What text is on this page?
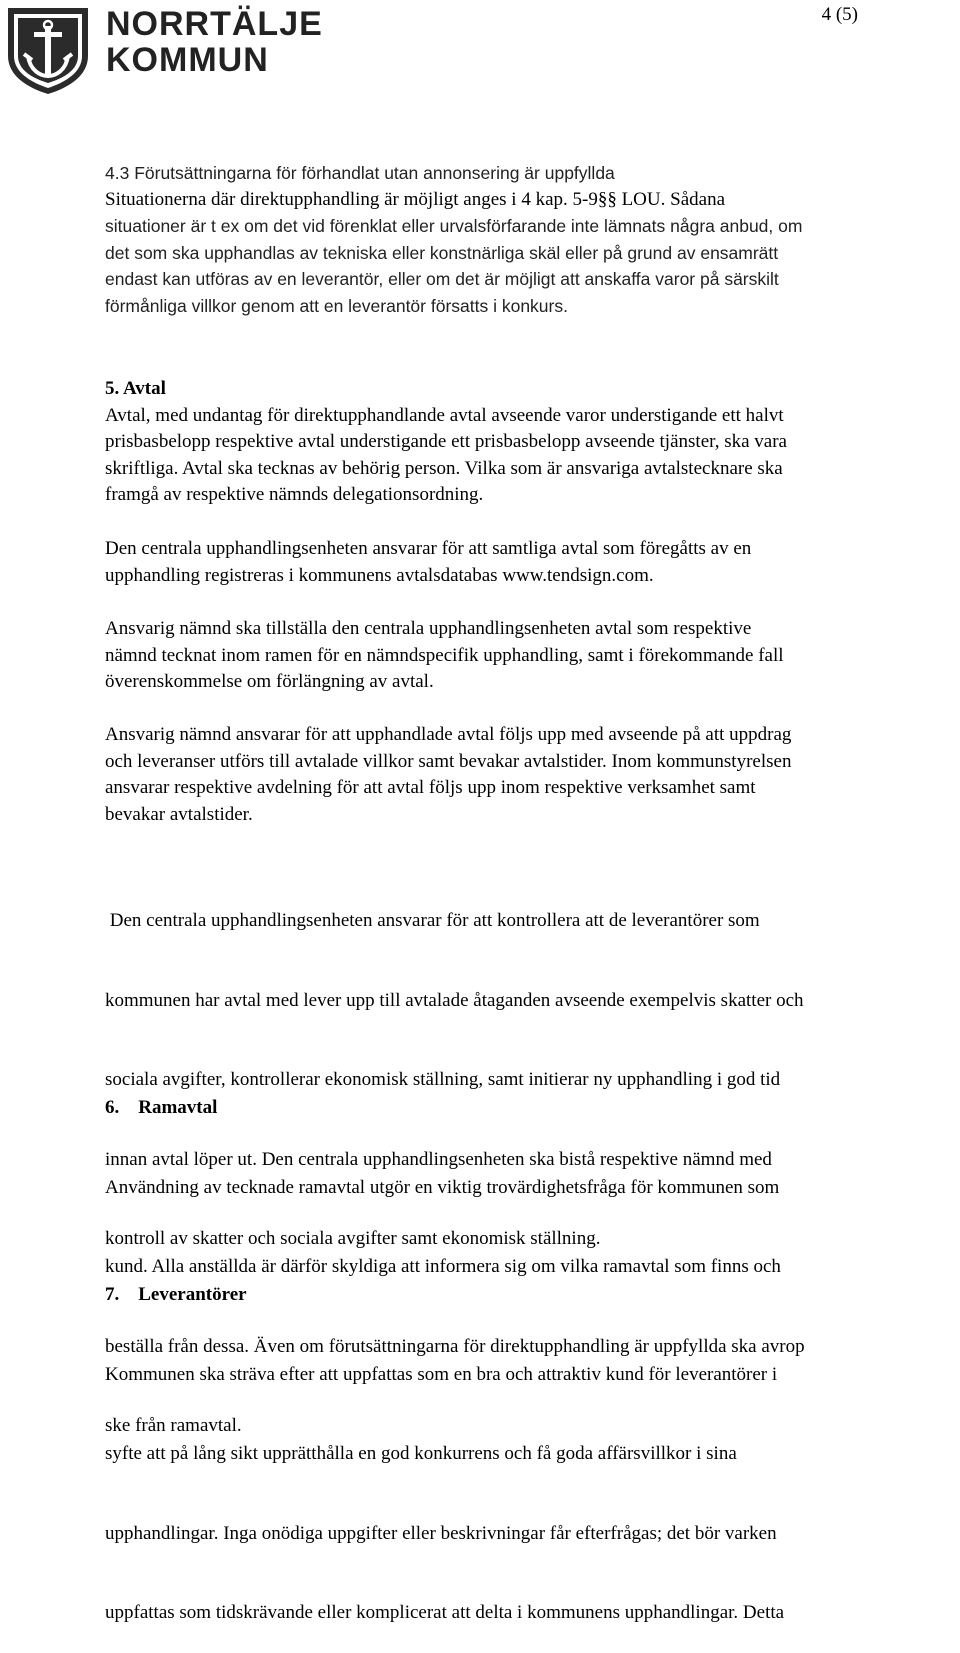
4 (5)
NORRTÄLJE
KOMMUN
4.3 Förutsättningarna för förhandlat utan annonsering är uppfyllda
Situationerna där direktupphandling är möjligt anges i 4 kap. 5-9§§ LOU. Sådana
situationer är t ex om det vid förenklat eller urvalsförfarande inte lämnats några anbud, om
det som ska upphandlas av tekniska eller konstnärliga skäl eller på grund av ensamrätt
endast kan utföras av en leverantör, eller om det är möjligt att anskaffa varor på särskilt
förmånliga villkor genom att en leverantör försatts i konkurs.
5. Avtal
Avtal, med undantag för direktupphandlande avtal avseende varor understigande ett halvt
prisbasbelopp respektive avtal understigande ett prisbasbelopp avseende tjänster, ska vara
skriftliga. Avtal ska tecknas av behörig person. Vilka som är ansvariga avtalstecknare ska
framgå av respektive nämnds delegationsordning.
Den centrala upphandlingsenheten ansvarar för att samtliga avtal som föregåtts av en
upphandling registreras i kommunens avtalsdatabas www.tendsign.com.
Ansvarig nämnd ska tillställa den centrala upphandlingsenheten avtal som respektive
nämnd tecknat inom ramen för en nämndspecifik upphandling, samt i förekommande fall
överenskommelse om förlängning av avtal.
Ansvarig nämnd ansvarar för att upphandlade avtal följs upp med avseende på att uppdrag
och leveranser utförs till avtalade villkor samt bevakar avtalstider. Inom kommunstyrelsen
ansvarar respektive avdelning för att avtal följs upp inom respektive verksamhet samt
bevakar avtalstider.

Den centrala upphandlingsenheten ansvarar för att kontrollera att de leverantörer som

kommunen har avtal med lever upp till avtalade åtaganden avseende exempelvis skatter och

sociala avgifter, kontrollerar ekonomisk ställning, samt initierar ny upphandling i god tid

innan avtal löper ut. Den centrala upphandlingsenheten ska bistå respektive nämnd med

kontroll av skatter och sociala avgifter samt ekonomisk ställning.

6.    Ramavtal

Användning av tecknade ramavtal utgör en viktig trovärdighetsfråga för kommunen som

kund. Alla anställda är därför skyldiga att informera sig om vilka ramavtal som finns och

beställa från dessa. Även om förutsättningarna för direktupphandling är uppfyllda ska avrop

ske från ramavtal.

7.    Leverantörer

Kommunen ska sträva efter att uppfattas som en bra och attraktiv kund för leverantörer i

syfte att på lång sikt upprätthålla en god konkurrens och få goda affärsvillkor i sina

upphandlingar. Inga onödiga uppgifter eller beskrivningar får efterfrågas; det bör varken

uppfattas som tidskrävande eller komplicerat att delta i kommunens upphandlingar. Detta
